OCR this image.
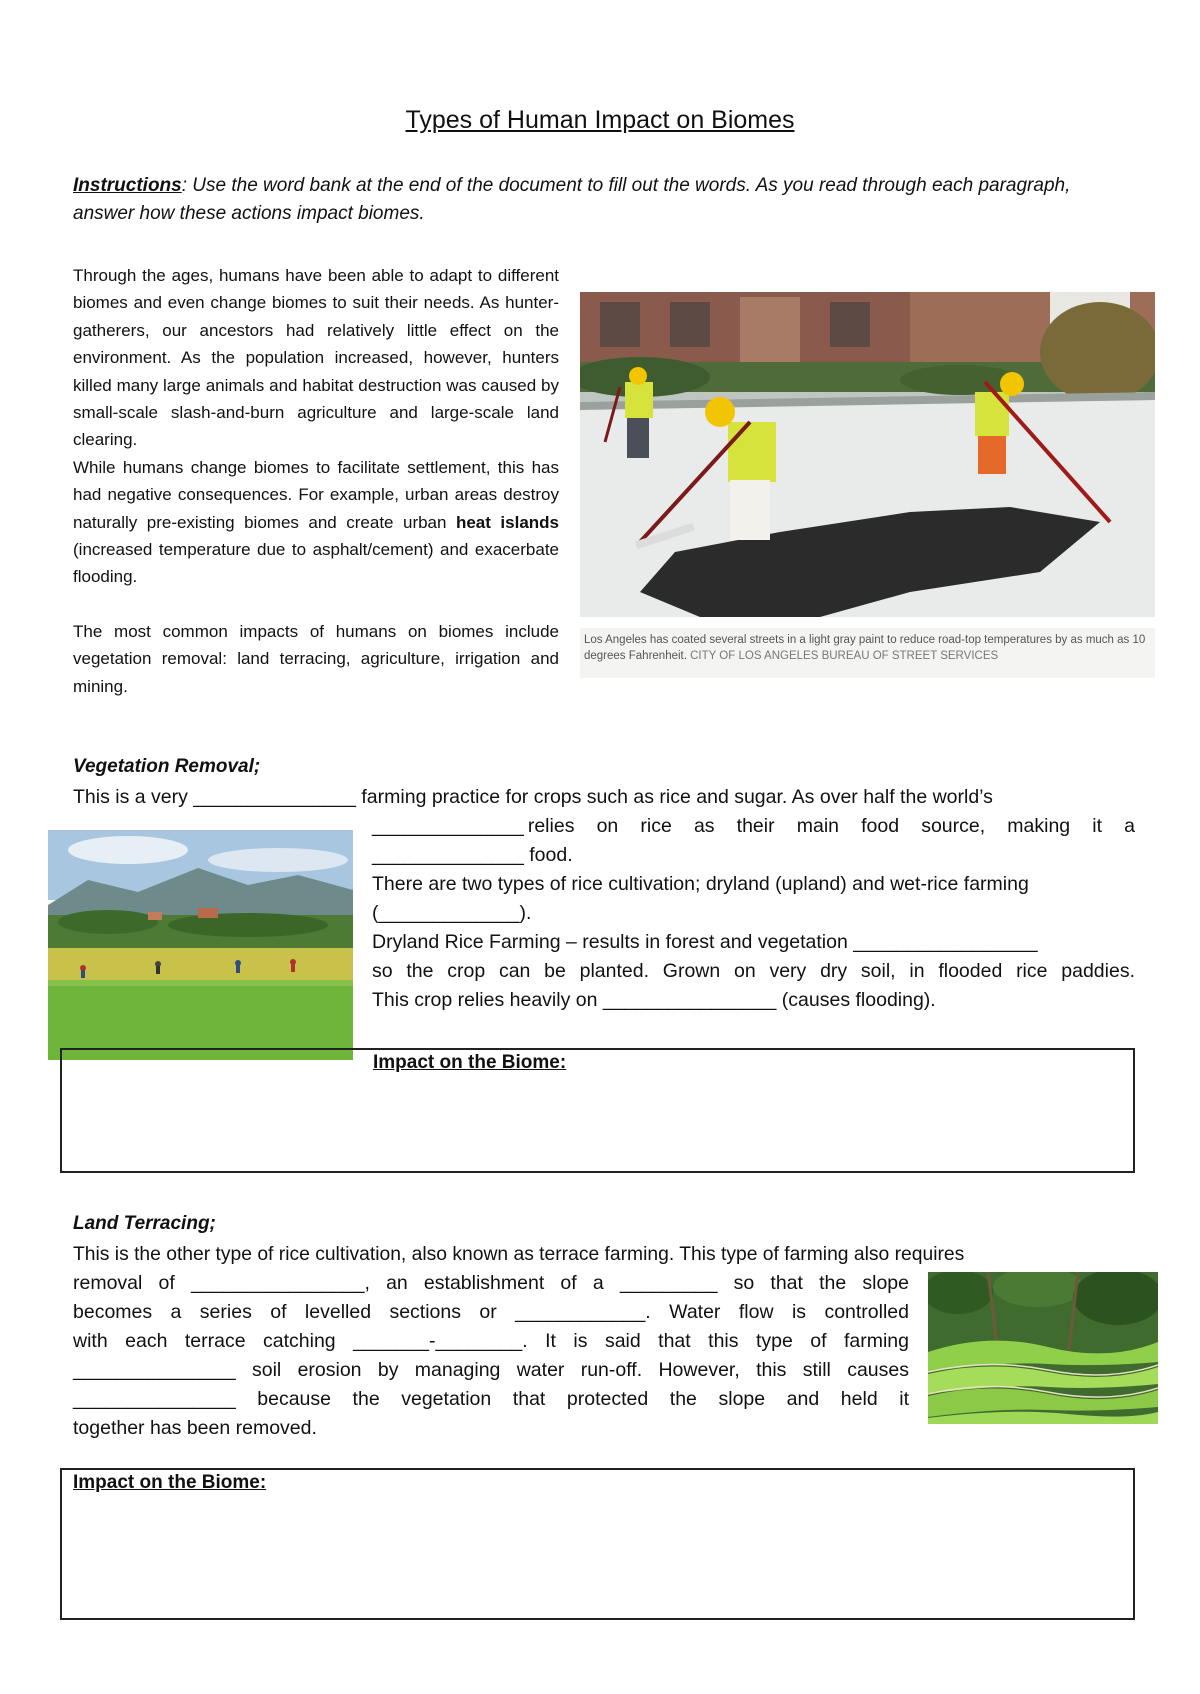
Types of Human Impact on Biomes
Instructions: Use the word bank at the end of the document to fill out the words. As you read through each paragraph, answer how these actions impact biomes.

Through the ages, humans have been able to adapt to different biomes and even change biomes to suit their needs. As hunter-gatherers, our ancestors had relatively little effect on the environment. As the population increased, however, hunters killed many large animals and habitat destruction was caused by small-scale slash-and-burn agriculture and large-scale land clearing.

While humans change biomes to facilitate settlement, this has had negative consequences. For example, urban areas destroy naturally pre-existing biomes and create urban heat islands (increased temperature due to asphalt/cement) and exacerbate flooding.

The most common impacts of humans on biomes include vegetation removal: land terracing, agriculture, irrigation and mining.

Los Angeles has coated several streets in a light gray paint to reduce road-top temperatures by as much as 10 degrees Fahrenheit. CITY OF LOS ANGELES BUREAU OF STREET SERVICES
Vegetation Removal;
This is a very _______________ farming practice for crops such as rice and sugar. As over half the world’s
______________ relies on rice as their main food source, making it a
______________ food.
There are two types of rice cultivation; dryland (upland) and wet-rice farming
(_____________).
Dryland Rice Farming – results in forest and vegetation _________________
so the crop can be planted. Grown on very dry soil, in flooded rice paddies.
This crop relies heavily on ________________ (causes flooding).
Impact on the Biome:
Land Terracing;
This is the other type of rice cultivation, also known as terrace farming. This type of farming also requires
removal of ________________, an establishment of a _________ so that the slope
becomes a series of levelled sections or ____________. Water flow is controlled
with each terrace catching _______-________. It is said that this type of farming
_______________ soil erosion by managing water run-off. However, this still causes
_______________ because the vegetation that protected the slope and held it
together has been removed.
Impact on the Biome:
